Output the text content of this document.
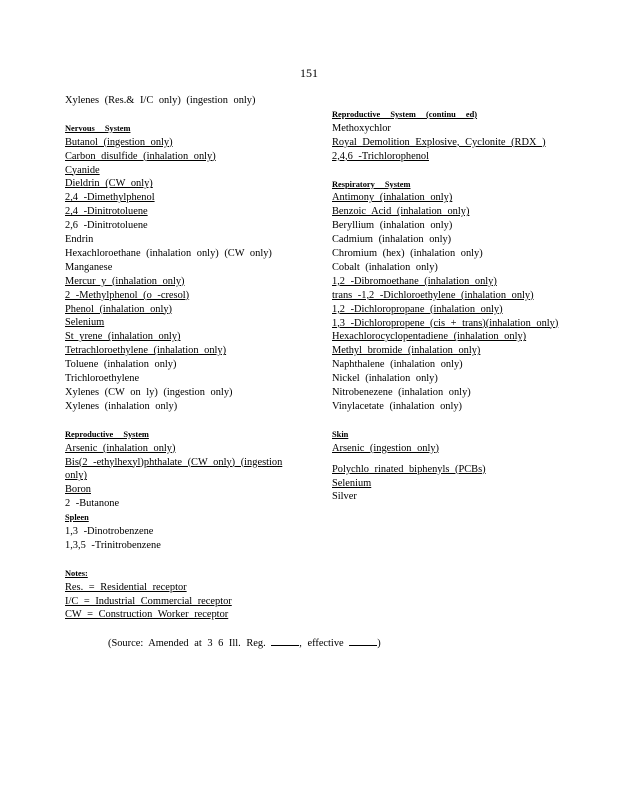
151
Xylenes (Res.& I/C only) (ingestion only)
Nervous System
Butanol (ingestion only)
Carbon disulfide (inhalation only)
Cyanide
Dieldrin (CW only)
2,4 -Dimethylphenol
2,4 -Dinitrotoluene
2,6 -Dinitrotoluene
Endrin
Hexachloroethane (inhalation only) (CW only)
Manganese
Mercur y (inhalation only)
2 -Methylphenol (o -cresol)
Phenol (inhalation only)
Selenium
St yrene (inhalation only)
Tetrachloroethylene (inhalation only)
Toluene (inhalation only)
Trichloroethylene
Xylenes (CW on ly) (ingestion only)
Xylenes (inhalation only)
Reproductive System
Arsenic (inhalation only)
Bis(2 -ethylhexyl)phthalate (CW only) (ingestion
only)
Boron
2 -Butanone
Spleen
1,3 -Dinotrobenzene
1,3,5 -Trinitrobenzene
Notes:
Res. = Residential receptor
I/C = Industrial Commercial receptor
CW = Construction Worker receptor
Reproductive System (continu ed)
Methoxychlor
Royal Demolition Explosive, Cyclonite (RDX )
2,4,6 -Trichlorophenol
Respiratory System
Antimony (inhalation only)
Benzoic Acid (inhalation only)
Beryllium (inhalation only)
Cadmium (inhalation only)
Chromium (hex) (inhalation only)
Cobalt (inhalation only)
1,2 -Dibromoethane (inhalation only)
trans -1,2 -Dichloroethylene (inhalation only)
1,2 -Dichloropropane (inhalation only)
1,3 -Dichloropropene (cis + trans)(inhalation only)
Hexachlorocyclopentadiene (inhalation only)
Methyl bromide (inhalation only)
Naphthalene (inhalation only)
Nickel (inhalation only)
Nitrobenezene (inhalation only)
Vinylacetate (inhalation only)
Skin
Arsenic (ingestion only)
Polychlo rinated biphenyls (PCBs)
Selenium
Silver
(Source: Amended at 3 6 Ill. Reg.	, effective	)
